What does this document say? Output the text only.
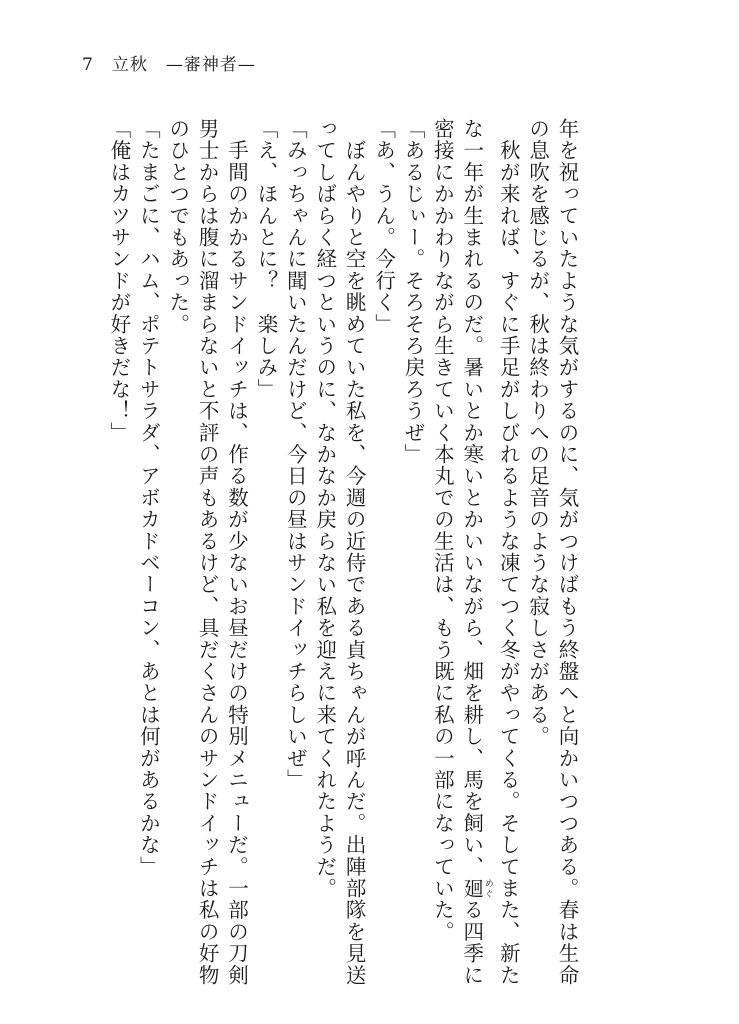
7 立秋 —審神者—
年を祝っていたような気がするのに、気がつけばもう終盤へと向かいつつある。春は生命
の息吹を感じるが、秋は終わりへの足音のような寂しさがある。
　秋が来れば、すぐに手足がしびれるような凍てつく冬がやってくる。そしてまた、新た
な一年が生まれるのだ。暑いとか寒いとかいいながら、畑を耕し、馬を飼い、廻 めぐる四季に
密接にかかわりながら生きていく本丸での生活は、もう既に私の一部になっていた。
「あるじぃー。そろそろ戻ろうぜ」
「あ、うん。今行く」
　ぼんやりと空を眺めていた私を、今週の近侍である貞ちゃんが呼んだ。出陣部隊を見送
ってしばらく経つというのに、なかなか戻らない私を迎えに来てくれたようだ。
「みっちゃんに聞いたんだけど、今日の昼はサンドイッチらしいぜ」
「え、ほんとに？　楽しみ」
　手間のかかるサンドイッチは、作る数が少ないお昼だけの特別メニューだ。一部の刀剣
男士からは腹に溜まらないと不評の声もあるけど、具だくさんのサンドイッチは私の好物
のひとつでもあった。
「たまごに、ハム、ポテトサラダ、アボカドベーコン、あとは何があるかな」
「俺はカツサンドが好きだな！」
